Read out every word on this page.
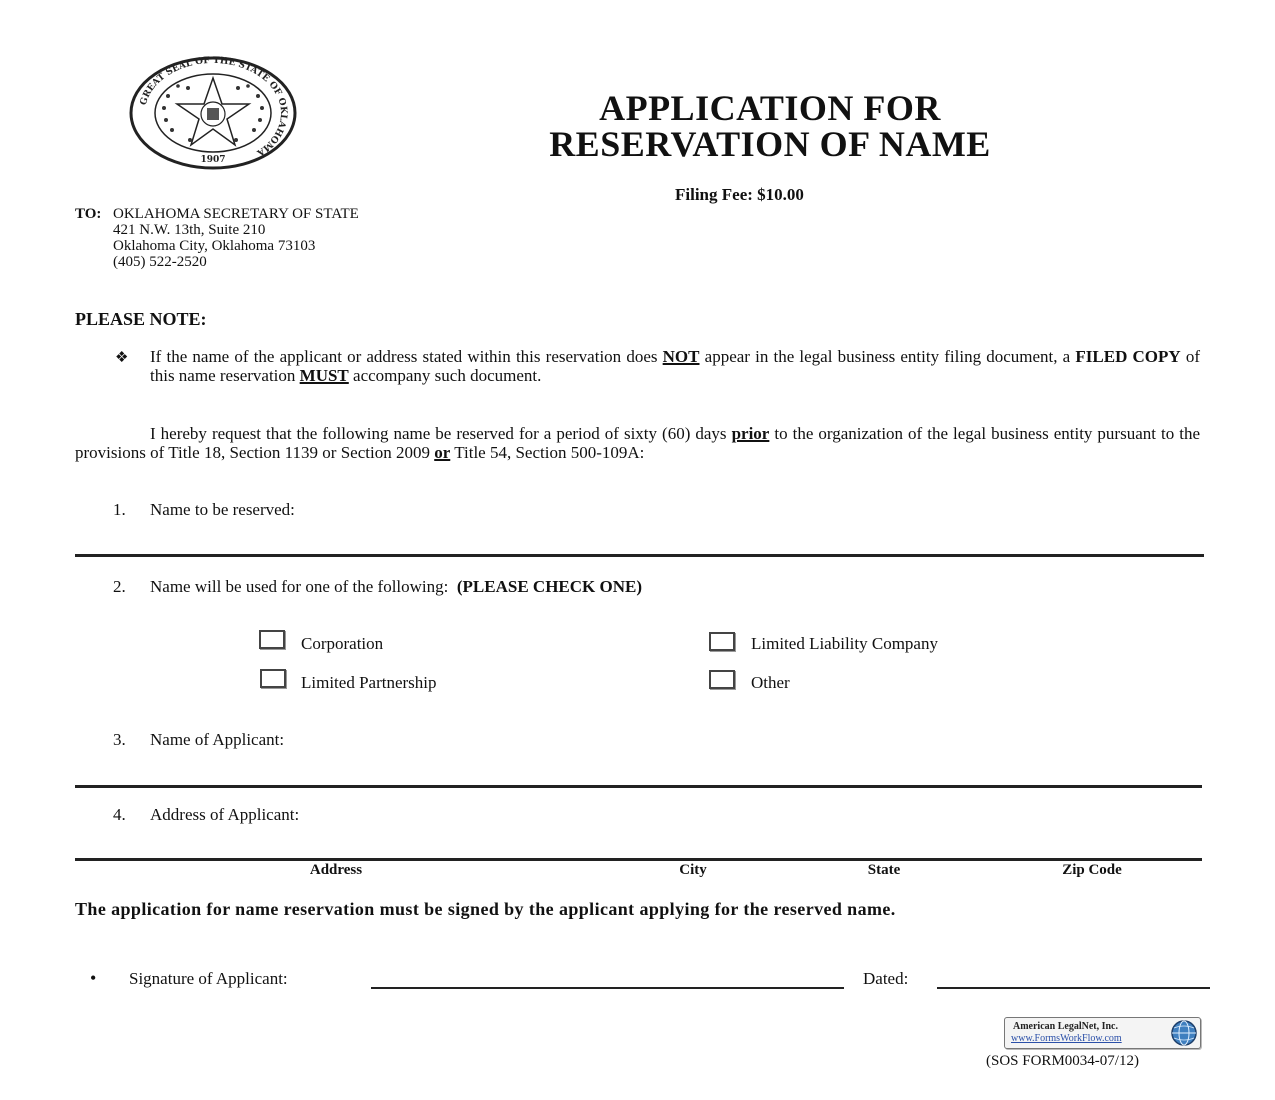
GREAT SEAL OF THE STATE OF OKLAHOMA
1907
APPLICATION FOR
RESERVATION OF NAME
Filing Fee: $10.00
TO: OKLAHOMA SECRETARY OF STATE
421 N.W. 13th, Suite 210
Oklahoma City, Oklahoma 73103
(405) 522-2520
PLEASE NOTE:
❖ If the name of the applicant or address stated within this reservation does NOT appear in the legal business entity filing document, a FILED COPY of this name reservation MUST accompany such document.
I hereby request that the following name be reserved for a period of sixty (60) days prior to the organization of the legal business entity pursuant to the provisions of Title 18, Section 1139 or Section 2009 or Title 54, Section 500-109A:
1. Name to be reserved:
2. Name will be used for one of the following: (PLEASE CHECK ONE)
Corporation	Limited Liability Company
Limited Partnership	Other
3. Name of Applicant:
4. Address of Applicant:
Address	City	State	Zip Code
The application for name reservation must be signed by the applicant applying for the reserved name.
• Signature of Applicant:	Dated:
American LegalNet, Inc.
www.FormsWorkFlow.com
(SOS FORM0034-07/12)
